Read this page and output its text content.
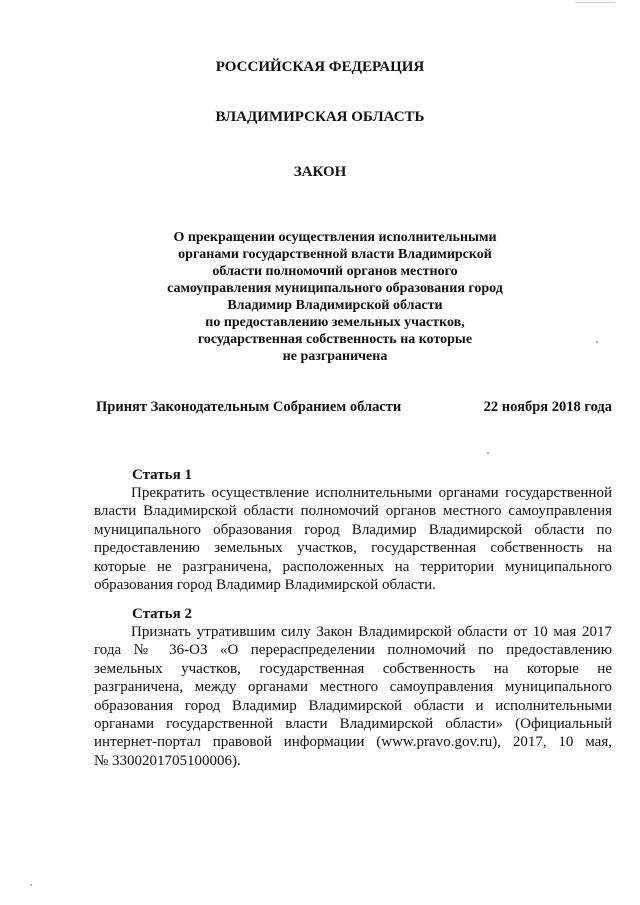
РОССИЙСКАЯ ФЕДЕРАЦИЯ
ВЛАДИМИРСКАЯ ОБЛАСТЬ
ЗАКОН
О прекращении осуществления исполнительными
органами государственной власти Владимирской
области полномочий органов местного
самоуправления муниципального образования город
Владимир Владимирской области
по предоставлению земельных участков,
государственная собственность на которые
не разграничена
Принят Законодательным Собранием области	22 ноября 2018 года
Статья 1
Прекратить осуществление исполнительными органами государственной
власти Владимирской области полномочий органов местного самоуправления
муниципального образования город Владимир Владимирской области по
предоставлению земельных участков, государственная собственность на
которые не разграничена, расположенных на территории муниципального
образования город Владимир Владимирской области.
Статья 2
Признать утратившим силу Закон Владимирской области от 10 мая 2017
года № 36-ОЗ «О перераспределении полномочий по предоставлению
земельных участков, государственная собственность на которые не
разграничена, между органами местного самоуправления муниципального
образования город Владимир Владимирской области и исполнительными
органами государственной власти Владимирской области» (Официальный
интернет-портал правовой информации (www.pravo.gov.ru), 2017, 10 мая,
№ 3300201705100006).
